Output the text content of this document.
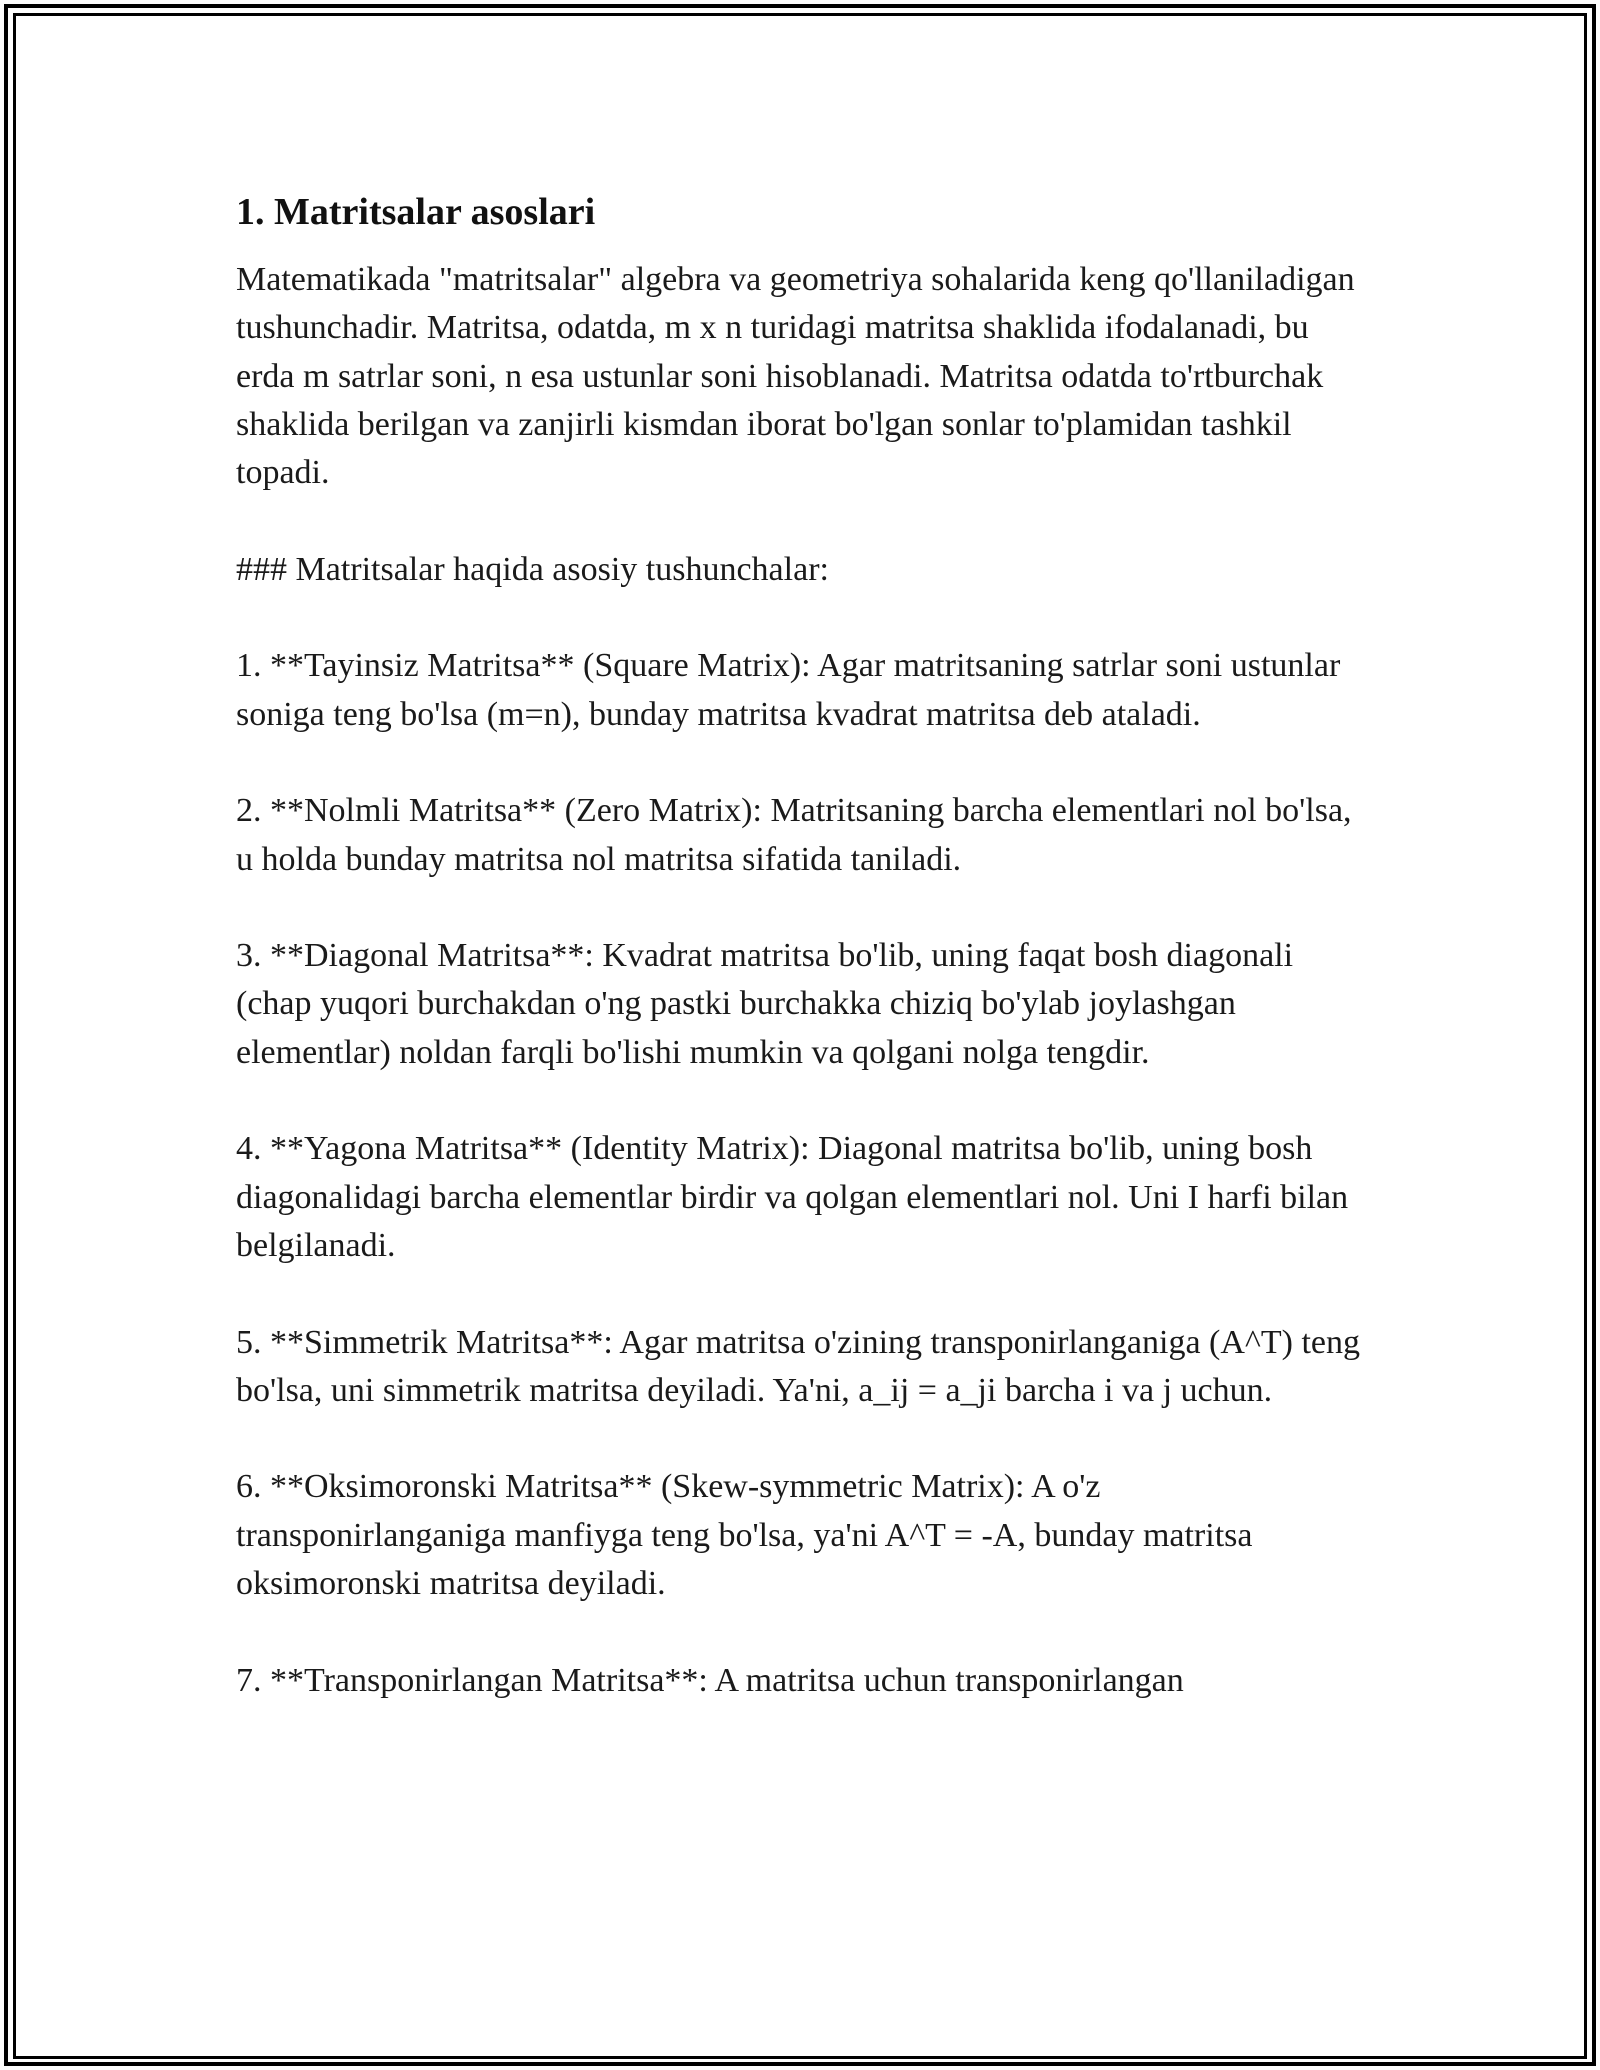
1. Matritsalar asoslari

Matematikada "matritsalar" algebra va geometriya sohalarida keng qo'llaniladigan tushunchadir. Matritsa, odatda, m x n turidagi matritsa shaklida ifodalanadi, bu erda m satrlar soni, n esa ustunlar soni hisoblanadi. Matritsa odatda to'rtburchak shaklida berilgan va zanjirli kismdan iborat bo'lgan sonlar to'plamidan tashkil topadi.

### Matritsalar haqida asosiy tushunchalar:

1. **Tayinsiz Matritsa** (Square Matrix): Agar matritsaning satrlar soni ustunlar soniga teng bo'lsa (m=n), bunday matritsa kvadrat matritsa deb ataladi.

2. **Nolmli Matritsa** (Zero Matrix): Matritsaning barcha elementlari nol bo'lsa, u holda bunday matritsa nol matritsa sifatida taniladi.

3. **Diagonal Matritsa**: Kvadrat matritsa bo'lib, uning faqat bosh diagonali (chap yuqori burchakdan o'ng pastki burchakka chiziq bo'ylab joylashgan elementlar) noldan farqli bo'lishi mumkin va qolgani nolga tengdir.

4. **Yagona Matritsa** (Identity Matrix): Diagonal matritsa bo'lib, uning bosh diagonalidagi barcha elementlar birdir va qolgan elementlari nol. Uni I harfi bilan belgilanadi.

5. **Simmetrik Matritsa**: Agar matritsa o'zining transponirlanganiga (A^T) teng bo'lsa, uni simmetrik matritsa deyiladi. Ya'ni, a_ij = a_ji barcha i va j uchun.

6. **Oksimoronski Matritsa** (Skew-symmetric Matrix): A o'z transponirlanganiga manfiyga teng bo'lsa, ya'ni A^T = -A, bunday matritsa oksimoronski matritsa deyiladi.

7. **Transponirlangan Matritsa**: A matritsa uchun transponirlangan
